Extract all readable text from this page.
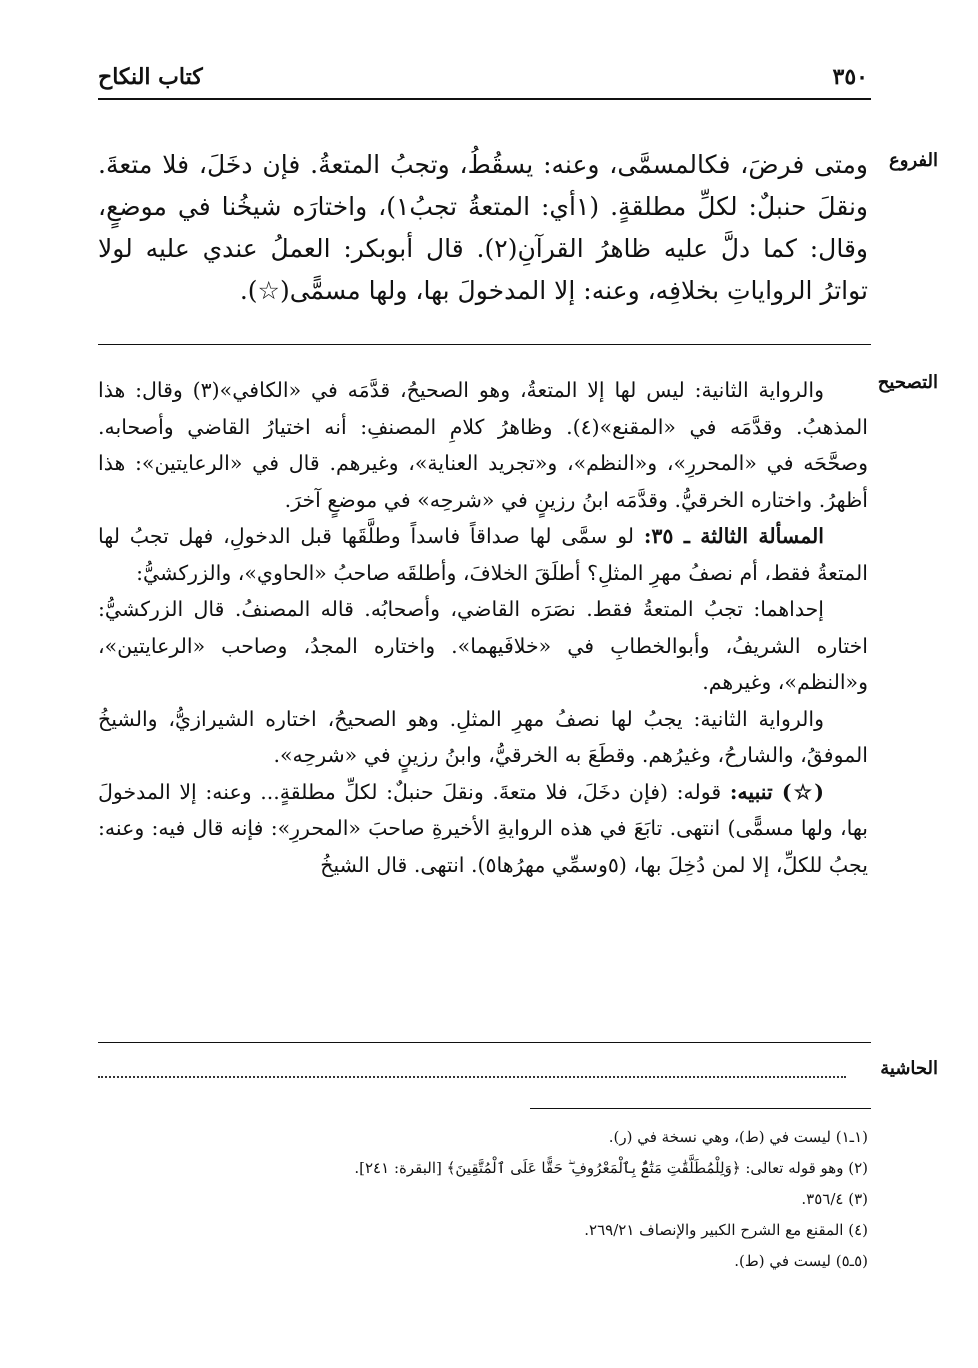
٣٥٠
كتاب النكاح
الفروع

ومتى فرضَ، فكالمسمَّى، وعنه: يسقُطُ، وتجبُ المتعةُ. فإن دخَلَ، فلا متعةَ. ونقلَ حنبلٌ: لكلِّ مطلقةٍ. (١أي: المتعةُ تجبُ١)، واختارَه شيخُنا في موضعٍ، وقال: كما دلَّ عليه ظاهرُ القرآنِ(٢). قال أبوبكر: العملُ عندي عليه لولا تواترُ الرواياتِ بخلافِه، وعنه: إلا المدخولَ بها، ولها مسمًّى(☆).

التصحيح

والرواية الثانية: ليس لها إلا المتعةُ، وهو الصحيحُ، قدَّمَه في «الكافي»(٣) وقال: هذا المذهبُ. وقدَّمَه في «المقنع»(٤). وظاهرُ كلامِ المصنفِ: أنه اختيارُ القاضي وأصحابه. وصحَّحَه في «المحررِ»، و«النظم»، و«تجريد العناية»، وغيرهم. قال في «الرعايتين»: هذا أظهرُ. واختاره الخرقيُّ. وقدَّمَه ابنُ رزينٍ في «شرحِه» في موضعٍ آخرَ.

المسألة الثالثة ـ ٣٥: لو سمَّى لها صداقاً فاسداً وطلَّقَها قبل الدخولِ، فهل تجبُ لها المتعةُ فقط، أم نصفُ مهرِ المثلِ؟ أطلَقَ الخلافَ، وأطلقَه صاحبُ «الحاوي»، والزركشيُّ:

إحداهما: تجبُ المتعةُ فقط. نصَرَه القاضي، وأصحابُه. قاله المصنفُ. قال الزركشيُّ: اختاره الشريفُ، وأبوالخطابِ في «خلافَيهما». واختاره المجدُ، وصاحب «الرعايتين»، و«النظم»، وغيرهم.

والرواية الثانية: يجبُ لها نصفُ مهرِ المثلِ. وهو الصحيحُ، اختاره الشيرازيُّ، والشيخُ الموفقُ، والشارحُ، وغيرُهم. وقطَعَ به الخرقيُّ، وابنُ رزينٍ في «شرحِه».

(☆) تنبيه: قوله: (فإن دخَلَ، فلا متعةَ. ونقلَ حنبلٌ: لكلِّ مطلقةٍ... وعنه: إلا المدخولَ بها، ولها مسمًّى) انتهى. تابَعَ في هذه الروايةِ الأخيرةِ صاحبَ «المحررِ»: فإنه قال فيه: وعنه: يجبُ للكلِّ، إلا لمن دُخِلَ بها، (٥وسمِّي مهرُها٥). انتهى. قال الشيخُ

الحاشية

(١ـ١) ليست في (ط)، وهي نسخة في (ر).

(٢) وهو قوله تعالى: ﴿وَلِلْمُطَلَّقَٰتِ مَتَٰعٌۢ بِٱلْمَعْرُوفِ ۖ حَقًّا عَلَى ٱلْمُتَّقِينَ﴾ [البقرة: ٢٤١].

(٣) ٣٥٦/٤.

(٤) المقنع مع الشرح الكبير والإنصاف ٢٦٩/٢١.

(٥ـ٥) ليست في (ط).
